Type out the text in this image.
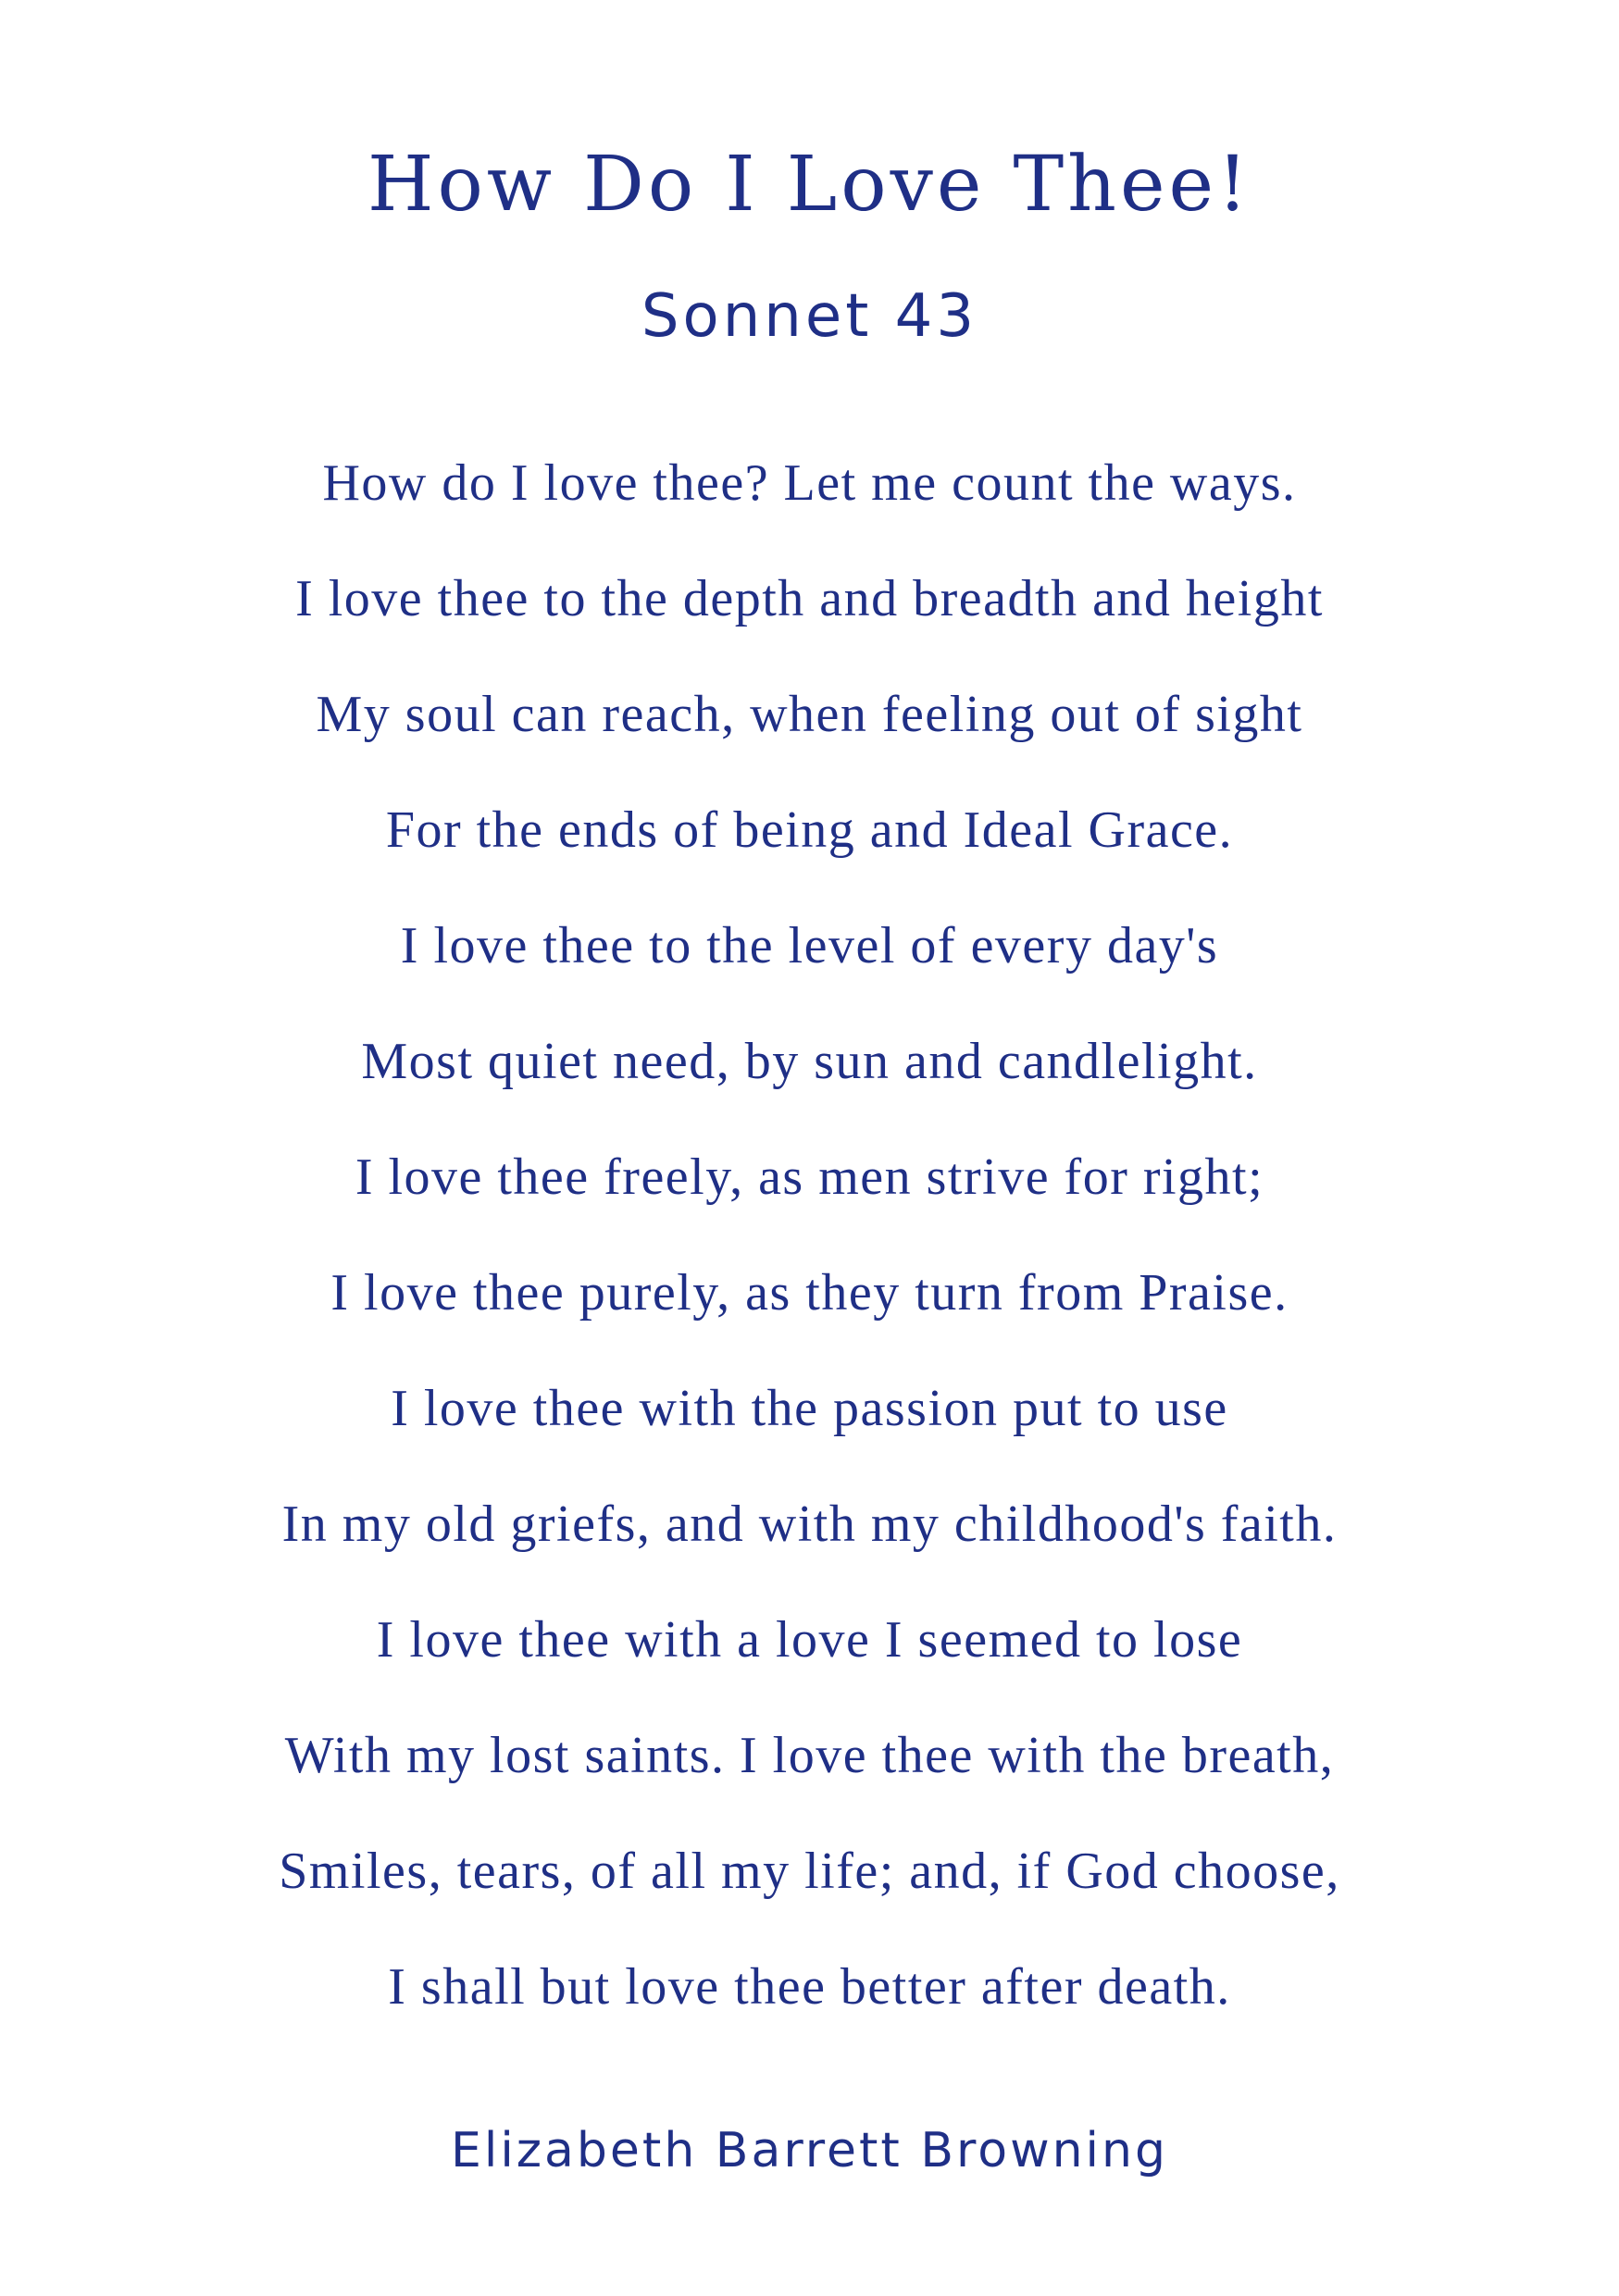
How Do I Love Thee!
Sonnet 43
How do I love thee? Let me count the ways.
I love thee to the depth and breadth and height
My soul can reach, when feeling out of sight
For the ends of being and Ideal Grace.
I love thee to the level of every day's
Most quiet need, by sun and candlelight.
I love thee freely, as men strive for right;
I love thee purely, as they turn from Praise.
I love thee with the passion put to use
In my old griefs, and with my childhood's faith.
I love thee with a love I seemed to lose
With my lost saints. I love thee with the breath,
Smiles, tears, of all my life; and, if God choose,
I shall but love thee better after death.
Elizabeth Barrett Browning
